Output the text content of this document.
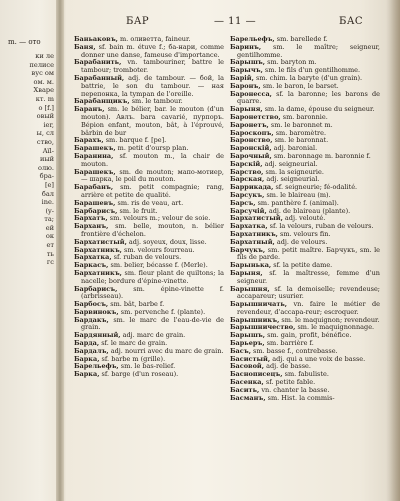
m. — ото
ки ле
пелисе
вус ом
ом. м.
Хваре
кт. m
о [f.]
овый
ier,
ы, сл
ство,
Aïl-
иый
олю.
бра-
[е]
бал
ine.
(y-
та;
ей
ок
ет
ть
гс
БАР	— 11 —	БАС

Баньаковъ, m. оливетта, faineur.

Баня, sf. bain m. étuve f.; ба-нари, comme donner une danse, fameuse d'importance.

Барабанить, vn. tambouriner, battre le tambour; tromboter.

Барабанный, adj. de tambour. — бой, la battrie, le son du tambour. — ная перепонка, la tympan de l'oreille.

Барабанщикъ, sm. le tambour.

Баранъ, sm. le bélier, bar. le mouton (d'un mouton). Aвлъ. bara cavarié, пурпоръ. Bépion enfant, mouton, bât, à l'éprouvé, bârbin de bur

Барахъ, sm. barque f. [ре].

Барашекъ, m. petit d'oursp plan.

Баранина, sf. mouton m., la chair de mouton.

Барашекъ, sm. de mouton; мапо-мотиер, — шарка, le poil du mouton.

Барабанъ, sm. petit compagnie; rang, arrière et petite de qualité.

Барашевъ, sm. ris de veau, art.

Барбарисъ, sm. le fruit.

Бархатъ, sm. velours m.; velour de soie.

Барханъ, sm. belle, mouton, n. bélier frontière d'échelon.

Бархатистый, adj. soyeux, doux, lisse.

Бархатникъ, sm. velours fourreau.

Бархатка, sf. ruban de velours.

Баркасъ, sm. belier, bécasse f. (Merle).

Бархатникъ, sm. fleur plant de quiltons; la nacelle; bordure d'épine-vinette.

Барбарисъ, sm. épine-vinette f. (arbrisseau).

Барбосъ, sm. bât, barbe f.

Барвинокъ, sm. pervenche f. (plante).

Бардакъ, sm. le marc de l'eau-de-vie de grain.

Бардянный, adj. marc de grain.

Барда, sf. le marc de grain.

Бардалъ, adj. nourri avec du marc de grain.

Барка, sf. barbe m (grille).

Барельефъ, sm. le bas-relief.

Барка, sf. barge (d'un roseau).

Барельефъ, sm. barellede f.

Баринъ, sm. le maître; seigneur, gentilhomme.

Барышъ, sm. baryton m.

Барычъ, sm. le fils d'un gentilhomme.

Барій, sm. chim. la baryte (d'un grain).

Баронъ, sm. le baron, le barset.

Баронесса, sf. la baronne; les barons de quarre.

Барыня, sm. la dame, épouse du seigneur.

Баронетство, sm. baronnie.

Баронетъ, sm. le baronnet m.

Бароскопъ, sm. baromètre.

Баронство, sm. le baronnat.

Баронскій, adj. baronial.

Барочный, sm. baronnage m. baronnie f.

Барскій, adj. seigneurial.

Барство, sm. la seigneurie.

Барская, adj. seigneurial.

Баррикада, sf. seigneurie; fé-odalité.

Барсукъ, sm. le blaireau (m).

Барсъ, sm. panthère f. (animal).

Барсучій, adj. de blaireau (plante).

Бархатистый, adj. velouté.

Бархатка, sf. la velours, ruban de velours.

Бархатникъ, sm. velours fin.

Бархатный, adj. de velours.

Барчукъ, sm. petit maître. Барчукъ, sm. le fils de parde.

Барынька, sf. la petite dame.

Барыня, sf. la maîtresse, femme d'un seigneur.

Барышня, sf. la demoiselle; revendeuse; accapareur; usurier.

Барышничать, vn. faire le métier de revendeur, d'accapa-reur; escroquer.

Барышникъ, sm. le maquignon; revendeur.

Барышничество, sm. le maquignonnage.

Барышъ, sm. gain, profit, bénéfice.

Барьеръ, sm. barrière f.

Басъ, sm. basse f., contrebasse.

Басистый, adj. qui a une voix de basse.

Басовой, adj. de basse.

Баснописецъ, sm. fabuliste.

Басенка, sf. petite fable.

Басить, vn. chanter la basse.

Басманъ, sm. Hist. la commis-
